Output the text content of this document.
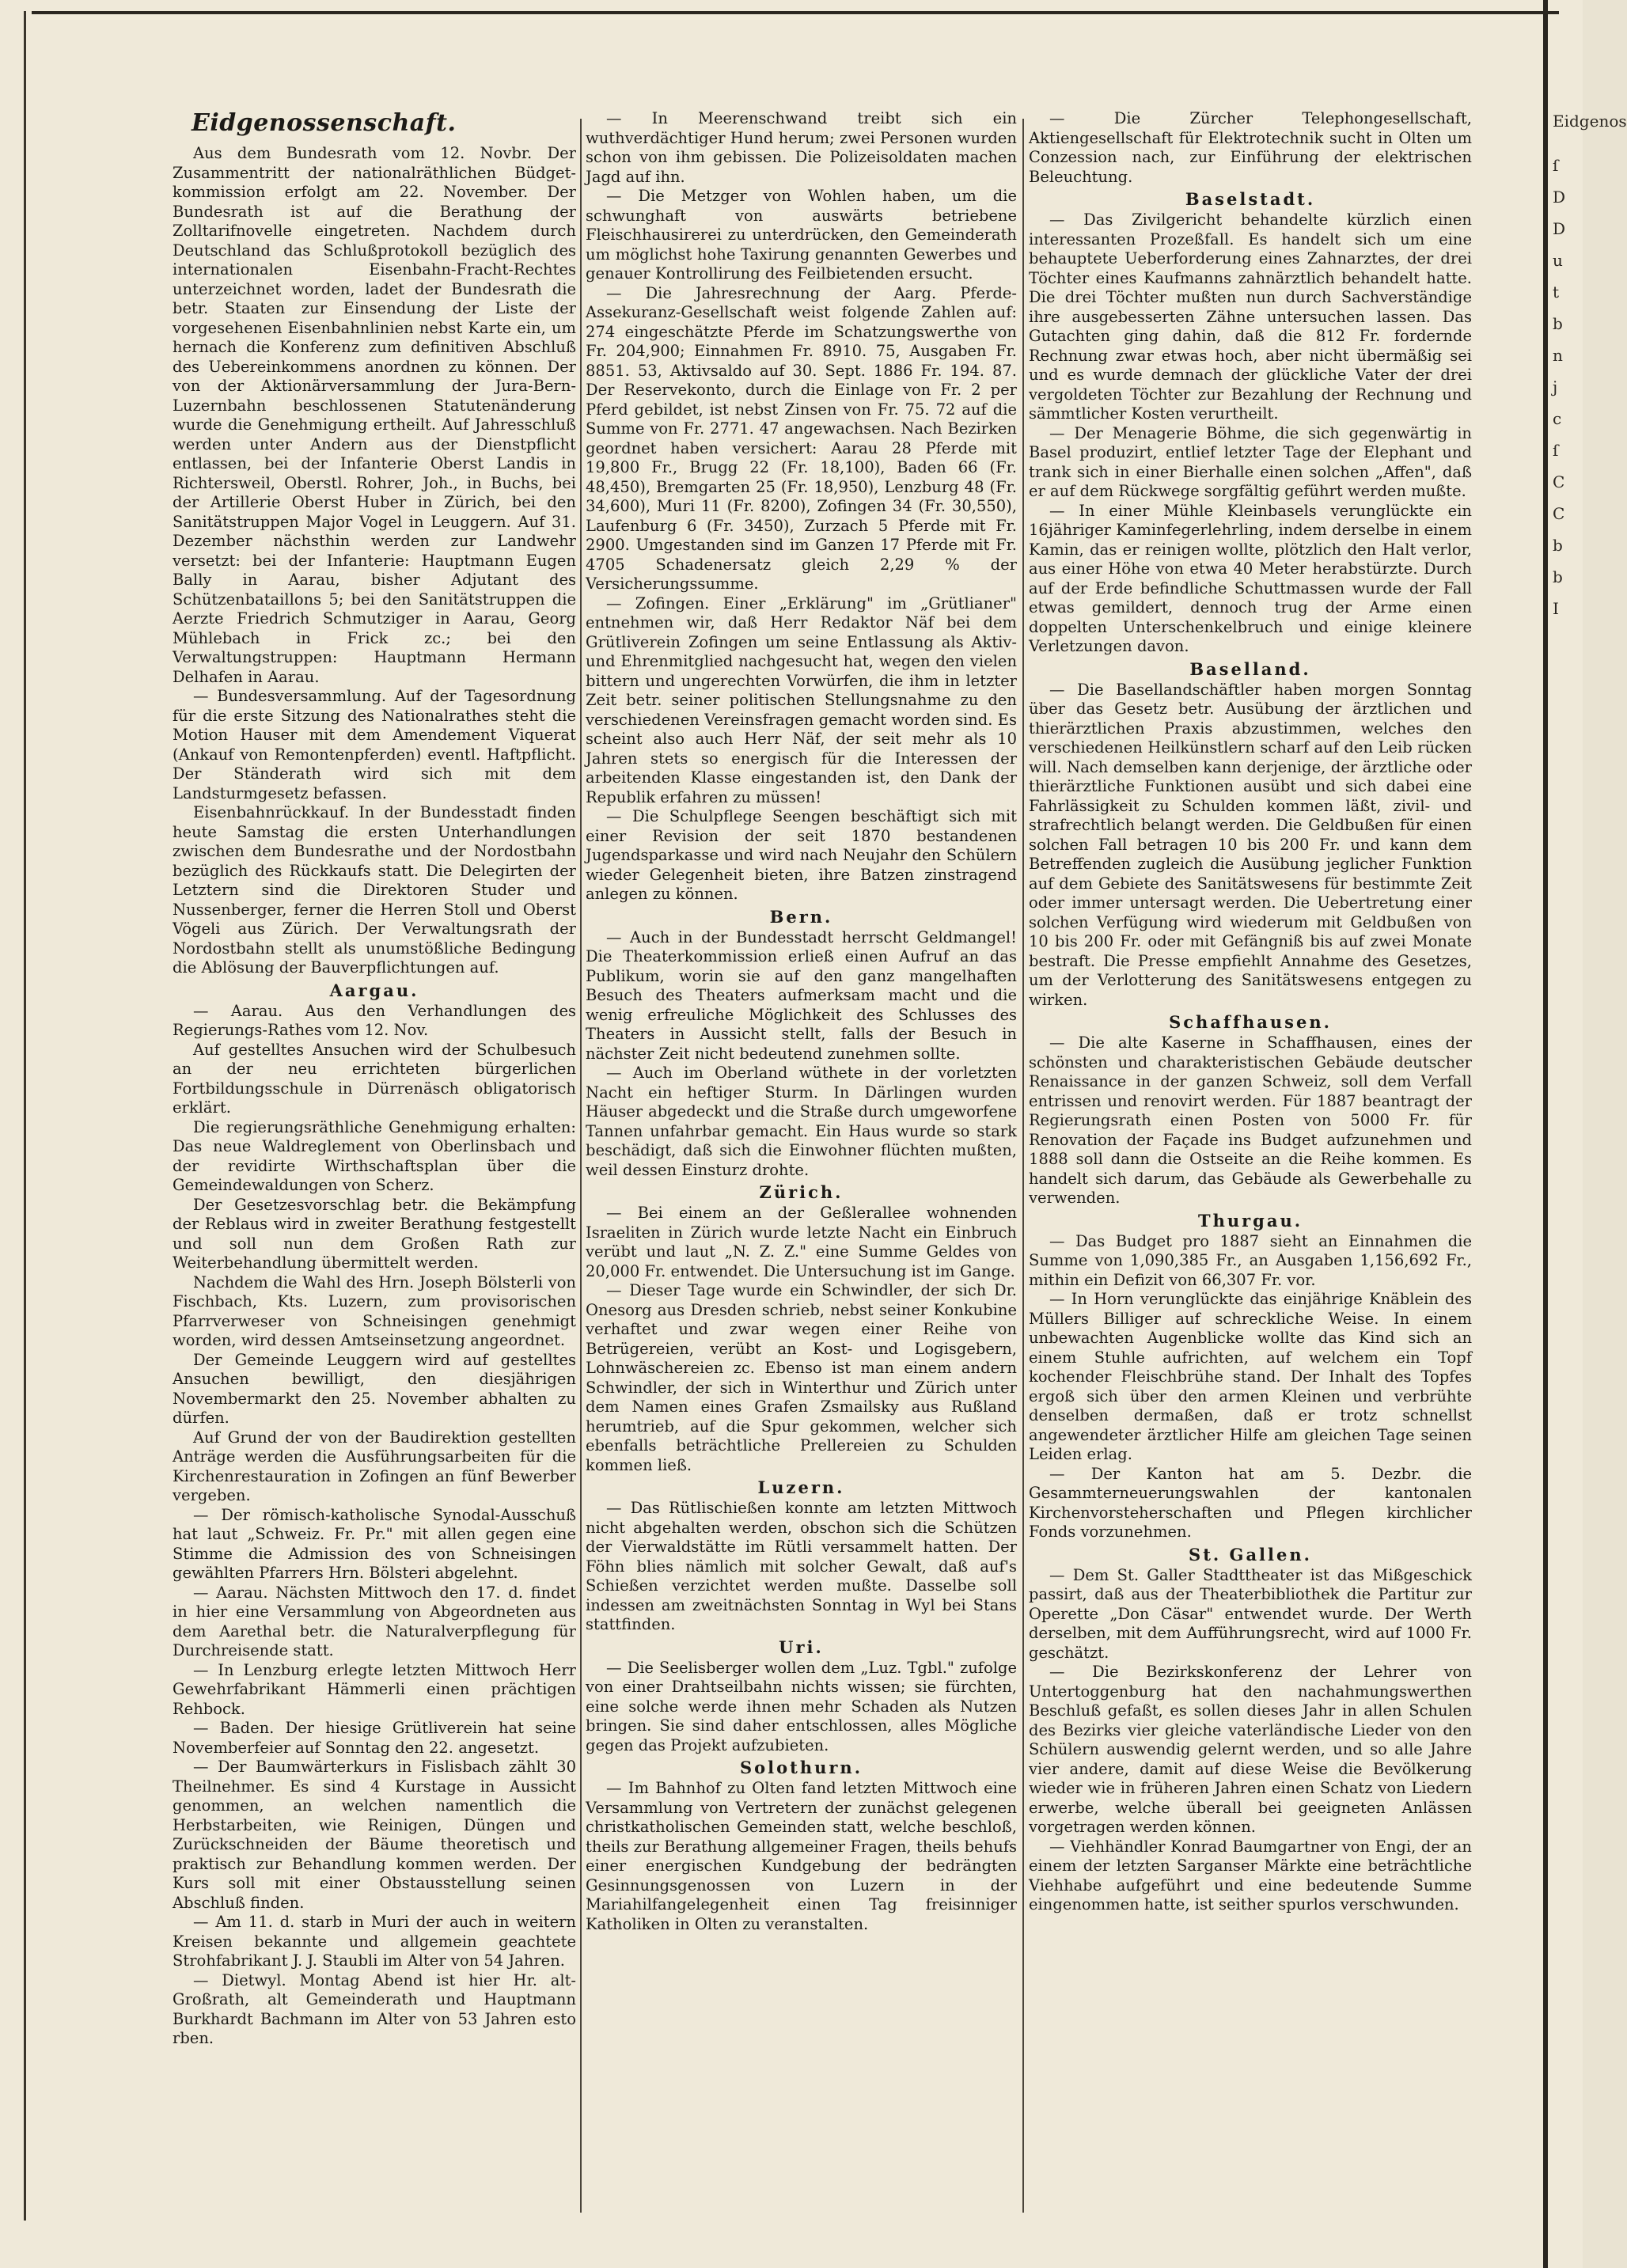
Eidgenossenschaft.

Aus dem Bundesrath vom 12. Novbr. Der Zusammentritt der nationalräthlichen Büdget-kommission erfolgt am 22. November. Der Bundesrath ist auf die Berathung der Zolltarifnovelle eingetreten. Nachdem durch Deutschland das Schlußprotokoll bezüglich des internationalen Eisenbahn-Fracht-Rechtes unterzeichnet worden, ladet der Bundesrath die betr. Staaten zur Einsendung der Liste der vorgesehenen Eisenbahnlinien nebst Karte ein, um hernach die Konferenz zum definitiven Abschluß des Uebereinkommens anordnen zu können. Der von der Aktionärversammlung der Jura-Bern-Luzernbahn beschlossenen Statutenänderung wurde die Genehmigung ertheilt. Auf Jahresschluß werden unter Andern aus der Dienstpflicht entlassen, bei der Infanterie Oberst Landis in Richtersweil, Oberstl. Rohrer, Joh., in Buchs, bei der Artillerie Oberst Huber in Zürich, bei den Sanitätstruppen Major Vogel in Leuggern. Auf 31. Dezember nächsthin werden zur Landwehr versetzt: bei der Infanterie: Hauptmann Eugen Bally in Aarau, bisher Adjutant des Schützenbataillons 5; bei den Sanitätstruppen die Aerzte Friedrich Schmutziger in Aarau, Georg Mühlebach in Frick zc.; bei den Verwaltungstruppen: Hauptmann Hermann Delhafen in Aarau.

— Bundesversammlung. Auf der Tagesordnung für die erste Sitzung des Nationalrathes steht die Motion Hauser mit dem Amendement Viquerat (Ankauf von Remontenpferden) eventl. Haftpflicht. Der Ständerath wird sich mit dem Landsturmgesetz befassen.

Eisenbahnrückkauf. In der Bundesstadt finden heute Samstag die ersten Unterhandlungen zwischen dem Bundesrathe und der Nordostbahn bezüglich des Rückkaufs statt. Die Delegirten der Letztern sind die Direktoren Studer und Nussenberger, ferner die Herren Stoll und Oberst Vögeli aus Zürich. Der Verwaltungsrath der Nordostbahn stellt als unumstößliche Bedingung die Ablösung der Bauverpflichtungen auf.

Aargau.

— Aarau. Aus den Verhandlungen des Regierungs-Rathes vom 12. Nov.

Auf gestelltes Ansuchen wird der Schulbesuch an der neu errichteten bürgerlichen Fortbildungsschule in Dürrenäsch obligatorisch erklärt.

Die regierungsräthliche Genehmigung erhalten: Das neue Waldreglement von Oberlinsbach und der revidirte Wirthschaftsplan über die Gemeindewaldungen von Scherz.

Der Gesetzesvorschlag betr. die Bekämpfung der Reblaus wird in zweiter Berathung festgestellt und soll nun dem Großen Rath zur Weiterbehandlung übermittelt werden.

Nachdem die Wahl des Hrn. Joseph Bölsterli von Fischbach, Kts. Luzern, zum provisorischen Pfarrverweser von Schneisingen genehmigt worden, wird dessen Amtseinsetzung angeordnet.

Der Gemeinde Leuggern wird auf gestelltes Ansuchen bewilligt, den diesjährigen Novembermarkt den 25. November abhalten zu dürfen.

Auf Grund der von der Baudirektion gestellten Anträge werden die Ausführungsarbeiten für die Kirchenrestauration in Zofingen an fünf Bewerber vergeben.

— Der römisch-katholische Synodal-Ausschuß hat laut „Schweiz. Fr. Pr." mit allen gegen eine Stimme die Admission des von Schneisingen gewählten Pfarrers Hrn. Bölsteri abgelehnt.

— Aarau. Nächsten Mittwoch den 17. d. findet in hier eine Versammlung von Abgeordneten aus dem Aarethal betr. die Naturalverpflegung für Durchreisende statt.

— In Lenzburg erlegte letzten Mittwoch Herr Gewehrfabrikant Hämmerli einen prächtigen Rehbock.

— Baden. Der hiesige Grütliverein hat seine Novemberfeier auf Sonntag den 22. angesetzt.

— Der Baumwärterkurs in Fislisbach zählt 30 Theilnehmer. Es sind 4 Kurstage in Aussicht genommen, an welchen namentlich die Herbstarbeiten, wie Reinigen, Düngen und Zurückschneiden der Bäume theoretisch und praktisch zur Behandlung kommen werden. Der Kurs soll mit einer Obstausstellung seinen Abschluß finden.

— Am 11. d. starb in Muri der auch in weitern Kreisen bekannte und allgemein geachtete Strohfabrikant J. J. Staubli im Alter von 54 Jahren.

— Dietwyl. Montag Abend ist hier Hr. alt-Großrath, alt Gemeinderath und Hauptmann Burkhardt Bachmann im Alter von 53 Jahren esto rben.

— In Meerenschwand treibt sich ein wuthverdächtiger Hund herum; zwei Personen wurden schon von ihm gebissen. Die Polizeisoldaten machen Jagd auf ihn.

— Die Metzger von Wohlen haben, um die schwunghaft von auswärts betriebene Fleischhausirerei zu unterdrücken, den Gemeinderath um möglichst hohe Taxirung genannten Gewerbes und genauer Kontrollirung des Feilbietenden ersucht.

— Die Jahresrechnung der Aarg. Pferde-Assekuranz-Gesellschaft weist folgende Zahlen auf: 274 eingeschätzte Pferde im Schatzungswerthe von Fr. 204,900; Einnahmen Fr. 8910. 75, Ausgaben Fr. 8851. 53, Aktivsaldo auf 30. Sept. 1886 Fr. 194. 87. Der Reservekonto, durch die Einlage von Fr. 2 per Pferd gebildet, ist nebst Zinsen von Fr. 75. 72 auf die Summe von Fr. 2771. 47 angewachsen. Nach Bezirken geordnet haben versichert: Aarau 28 Pferde mit 19,800 Fr., Brugg 22 (Fr. 18,100), Baden 66 (Fr. 48,450), Bremgarten 25 (Fr. 18,950), Lenzburg 48 (Fr. 34,600), Muri 11 (Fr. 8200), Zofingen 34 (Fr. 30,550), Laufenburg 6 (Fr. 3450), Zurzach 5 Pferde mit Fr. 2900. Umgestanden sind im Ganzen 17 Pferde mit Fr. 4705 Schadenersatz gleich 2,29 % der Versicherungssumme.

— Zofingen. Einer „Erklärung" im „Grütlianer" entnehmen wir, daß Herr Redaktor Näf bei dem Grütliverein Zofingen um seine Entlassung als Aktiv- und Ehrenmitglied nachgesucht hat, wegen den vielen bittern und ungerechten Vorwürfen, die ihm in letzter Zeit betr. seiner politischen Stellungsnahme zu den verschiedenen Vereinsfragen gemacht worden sind. Es scheint also auch Herr Näf, der seit mehr als 10 Jahren stets so energisch für die Interessen der arbeitenden Klasse eingestanden ist, den Dank der Republik erfahren zu müssen!

— Die Schulpflege Seengen beschäftigt sich mit einer Revision der seit 1870 bestandenen Jugendsparkasse und wird nach Neujahr den Schülern wieder Gelegenheit bieten, ihre Batzen zinstragend anlegen zu können.

Bern.

— Auch in der Bundesstadt herrscht Geldmangel! Die Theaterkommission erließ einen Aufruf an das Publikum, worin sie auf den ganz mangelhaften Besuch des Theaters aufmerksam macht und die wenig erfreuliche Möglichkeit des Schlusses des Theaters in Aussicht stellt, falls der Besuch in nächster Zeit nicht bedeutend zunehmen sollte.

— Auch im Oberland wüthete in der vorletzten Nacht ein heftiger Sturm. In Därlingen wurden Häuser abgedeckt und die Straße durch umgeworfene Tannen unfahrbar gemacht. Ein Haus wurde so stark beschädigt, daß sich die Einwohner flüchten mußten, weil dessen Einsturz drohte.

Zürich.

— Bei einem an der Geßlerallee wohnenden Israeliten in Zürich wurde letzte Nacht ein Einbruch verübt und laut „N. Z. Z." eine Summe Geldes von 20,000 Fr. entwendet. Die Untersuchung ist im Gange.

— Dieser Tage wurde ein Schwindler, der sich Dr. Onesorg aus Dresden schrieb, nebst seiner Konkubine verhaftet und zwar wegen einer Reihe von Betrügereien, verübt an Kost- und Logisgebern, Lohnwäschereien zc. Ebenso ist man einem andern Schwindler, der sich in Winterthur und Zürich unter dem Namen eines Grafen Zsmailsky aus Rußland herumtrieb, auf die Spur gekommen, welcher sich ebenfalls beträchtliche Prellereien zu Schulden kommen ließ.

Luzern.

— Das Rütlischießen konnte am letzten Mittwoch nicht abgehalten werden, obschon sich die Schützen der Vierwaldstätte im Rütli versammelt hatten. Der Föhn blies nämlich mit solcher Gewalt, daß auf's Schießen verzichtet werden mußte. Dasselbe soll indessen am zweitnächsten Sonntag in Wyl bei Stans stattfinden.

Uri.

— Die Seelisberger wollen dem „Luz. Tgbl." zufolge von einer Drahtseilbahn nichts wissen; sie fürchten, eine solche werde ihnen mehr Schaden als Nutzen bringen. Sie sind daher entschlossen, alles Mögliche gegen das Projekt aufzubieten.

Solothurn.

— Im Bahnhof zu Olten fand letzten Mittwoch eine Versammlung von Vertretern der zunächst gelegenen christkatholischen Gemeinden statt, welche beschloß, theils zur Berathung allgemeiner Fragen, theils behufs einer energischen Kundgebung der bedrängten Gesinnungsgenossen von Luzern in der Mariahilfangelegenheit einen Tag freisinniger Katholiken in Olten zu veranstalten.

— Die Zürcher Telephongesellschaft, Aktiengesellschaft für Elektrotechnik sucht in Olten um Conzession nach, zur Einführung der elektrischen Beleuchtung.

Baselstadt.

— Das Zivilgericht behandelte kürzlich einen interessanten Prozeßfall. Es handelt sich um eine behauptete Ueberforderung eines Zahnarztes, der drei Töchter eines Kaufmanns zahnärztlich behandelt hatte. Die drei Töchter mußten nun durch Sachverständige ihre ausgebesserten Zähne untersuchen lassen. Das Gutachten ging dahin, daß die 812 Fr. fordernde Rechnung zwar etwas hoch, aber nicht übermäßig sei und es wurde demnach der glückliche Vater der drei vergoldeten Töchter zur Bezahlung der Rechnung und sämmtlicher Kosten verurtheilt.

— Der Menagerie Böhme, die sich gegenwärtig in Basel produzirt, entlief letzter Tage der Elephant und trank sich in einer Bierhalle einen solchen „Affen", daß er auf dem Rückwege sorgfältig geführt werden mußte.

— In einer Mühle Kleinbasels verunglückte ein 16jähriger Kaminfegerlehrling, indem derselbe in einem Kamin, das er reinigen wollte, plötzlich den Halt verlor, aus einer Höhe von etwa 40 Meter herabstürzte. Durch auf der Erde befindliche Schuttmassen wurde der Fall etwas gemildert, dennoch trug der Arme einen doppelten Unterschenkelbruch und einige kleinere Verletzungen davon.

Baselland.

— Die Basellandschäftler haben morgen Sonntag über das Gesetz betr. Ausübung der ärztlichen und thierärztlichen Praxis abzustimmen, welches den verschiedenen Heilkünstlern scharf auf den Leib rücken will. Nach demselben kann derjenige, der ärztliche oder thierärztliche Funktionen ausübt und sich dabei eine Fahrlässigkeit zu Schulden kommen läßt, zivil- und strafrechtlich belangt werden. Die Geldbußen für einen solchen Fall betragen 10 bis 200 Fr. und kann dem Betreffenden zugleich die Ausübung jeglicher Funktion auf dem Gebiete des Sanitätswesens für bestimmte Zeit oder immer untersagt werden. Die Uebertretung einer solchen Verfügung wird wiederum mit Geldbußen von 10 bis 200 Fr. oder mit Gefängniß bis auf zwei Monate bestraft. Die Presse empfiehlt Annahme des Gesetzes, um der Verlotterung des Sanitätswesens entgegen zu wirken.

Schaffhausen.

— Die alte Kaserne in Schaffhausen, eines der schönsten und charakteristischen Gebäude deutscher Renaissance in der ganzen Schweiz, soll dem Verfall entrissen und renovirt werden. Für 1887 beantragt der Regierungsrath einen Posten von 5000 Fr. für Renovation der Façade ins Budget aufzunehmen und 1888 soll dann die Ostseite an die Reihe kommen. Es handelt sich darum, das Gebäude als Gewerbehalle zu verwenden.

Thurgau.

— Das Budget pro 1887 sieht an Einnahmen die Summe von 1,090,385 Fr., an Ausgaben 1,156,692 Fr., mithin ein Defizit von 66,307 Fr. vor.

— In Horn verunglückte das einjährige Knäblein des Müllers Billiger auf schreckliche Weise. In einem unbewachten Augenblicke wollte das Kind sich an einem Stuhle aufrichten, auf welchem ein Topf kochender Fleischbrühe stand. Der Inhalt des Topfes ergoß sich über den armen Kleinen und verbrühte denselben dermaßen, daß er trotz schnellst angewendeter ärztlicher Hilfe am gleichen Tage seinen Leiden erlag.

— Der Kanton hat am 5. Dezbr. die Gesammterneuerungswahlen der kantonalen Kirchenvorsteherschaften und Pflegen kirchlicher Fonds vorzunehmen.

St. Gallen.

— Dem St. Galler Stadttheater ist das Mißgeschick passirt, daß aus der Theaterbibliothek die Partitur zur Operette „Don Cäsar" entwendet wurde. Der Werth derselben, mit dem Aufführungsrecht, wird auf 1000 Fr. geschätzt.

— Die Bezirkskonferenz der Lehrer von Untertoggenburg hat den nachahmungswerthen Beschluß gefaßt, es sollen dieses Jahr in allen Schulen des Bezirks vier gleiche vaterländische Lieder von den Schülern auswendig gelernt werden, und so alle Jahre vier andere, damit auf diese Weise die Bevölkerung wieder wie in früheren Jahren einen Schatz von Liedern erwerbe, welche überall bei geeigneten Anlässen vorgetragen werden können.

— Viehhändler Konrad Baumgartner von Engi, der an einem der letzten Sarganser Märkte eine beträchtliche Viehhabe aufgeführt und eine bedeutende Summe eingenommen hatte, ist seither spurlos verschwunden.

Eidgenos
ſ
D
D
u
t
b
n
j
c
ſ
C
C
b
b
I
